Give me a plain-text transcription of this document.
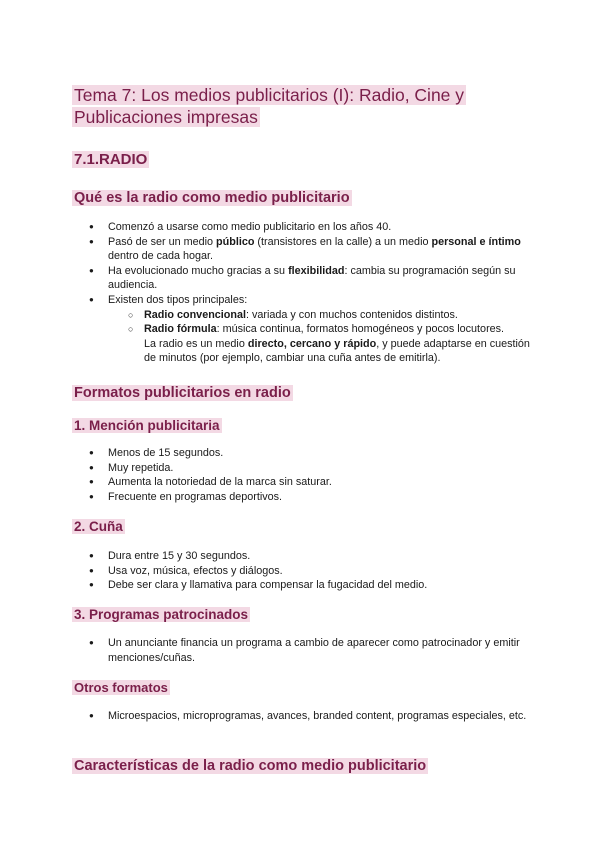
Tema 7: Los medios publicitarios (I): Radio, Cine y Publicaciones impresas
7.1.RADIO
Qué es la radio como medio publicitario
● Comenzó a usarse como medio publicitario en los años 40.
● Pasó de ser un medio público (transistores en la calle) a un medio personal e íntimo dentro de cada hogar.
● Ha evolucionado mucho gracias a su flexibilidad: cambia su programación según su audiencia.
● Existen dos tipos principales:
○ Radio convencional: variada y con muchos contenidos distintos.
○ Radio fórmula: música continua, formatos homogéneos y pocos locutores.
La radio es un medio directo, cercano y rápido, y puede adaptarse en cuestión de minutos (por ejemplo, cambiar una cuña antes de emitirla).
Formatos publicitarios en radio
1. Mención publicitaria
● Menos de 15 segundos.
● Muy repetida.
● Aumenta la notoriedad de la marca sin saturar.
● Frecuente en programas deportivos.
2. Cuña
● Dura entre 15 y 30 segundos.
● Usa voz, música, efectos y diálogos.
● Debe ser clara y llamativa para compensar la fugacidad del medio.
3. Programas patrocinados
● Un anunciante financia un programa a cambio de aparecer como patrocinador y emitir menciones/cuñas.
Otros formatos
● Microespacios, microprogramas, avances, branded content, programas especiales, etc.
Características de la radio como medio publicitario
